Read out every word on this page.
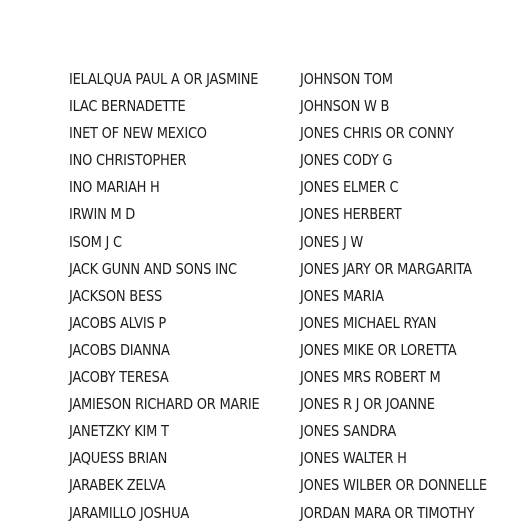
IELALQUA PAUL A OR JASMINE
ILAC BERNADETTE
INET OF NEW MEXICO
INO CHRISTOPHER
INO MARIAH H
IRWIN M D
ISOM J C
JACK GUNN AND SONS INC
JACKSON BESS
JACOBS ALVIS P
JACOBS DIANNA
JACOBY TERESA
JAMIESON RICHARD OR MARIE
JANETZKY KIM T
JAQUESS BRIAN
JARABEK ZELVA
JARAMILLO JOSHUA
JOHNSON TOM
JOHNSON W B
JONES CHRIS OR CONNY
JONES CODY G
JONES ELMER C
JONES HERBERT
JONES J W
JONES JARY OR MARGARITA
JONES MARIA
JONES MICHAEL RYAN
JONES MIKE OR LORETTA
JONES MRS ROBERT M
JONES R J OR JOANNE
JONES SANDRA
JONES WALTER H
JONES WILBER OR DONNELLE
JORDAN MARA OR TIMOTHY
